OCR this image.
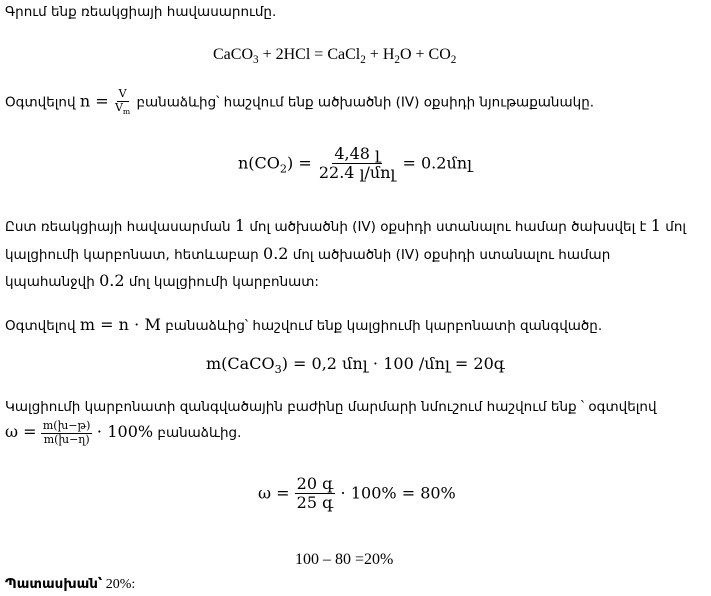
Գրում ենք ռեակցիայի հավասարումը.
CaCO$_3$ + 2HCl = CaCl$_2$ + $H_2O + CO_2$
Օգտվելով $n = \frac{V}{V_m}$ բանաձևից՝ հաշվում ենք ածխածնի (IV) օքսիդի նյութաքանակը.
$n(CO_2) = \frac{\text{4,48 լ}}{\text{22.4 լ/մոլ}}$ = 0.2մոլ
Ըստ ռեակցիայի հավասարման 1 մոլ ածխածնի (IV) օքսիդի ստանալու համար ծախսվել է 1 մոլ
կալցիումի կարբոնատ, հետևաբար 0.2 մոլ ածխածնի (IV) օքսիդի ստանալու համար
կպահանջվի 0.2 մոլ կալցիումի կարբոնատ:
Օգտվելով m = n ⋅ M բանաձևից՝ հաշվում ենք կալցիումի կարբոնատի զանգվածը.
m(CaCO$_3$) = 0,2 մոլ ⋅ 100 /մոլ = 20գ
Կալցիումի կարբոնատի զանգվածային բաժինը մարմարի նմուշում հաշվում ենք ՝ օգտվելով
$\omega = \frac{\text{m(խ−թ)}}{\text{m(խ−ղ)}} \cdot 100\%$ բանաձևից.
$\omega = \frac{\text{20 գ}}{\text{25 գ}} \cdot 100\% = 80\%$
100 – 80 =20%
Պատասխան՝ 20%:
